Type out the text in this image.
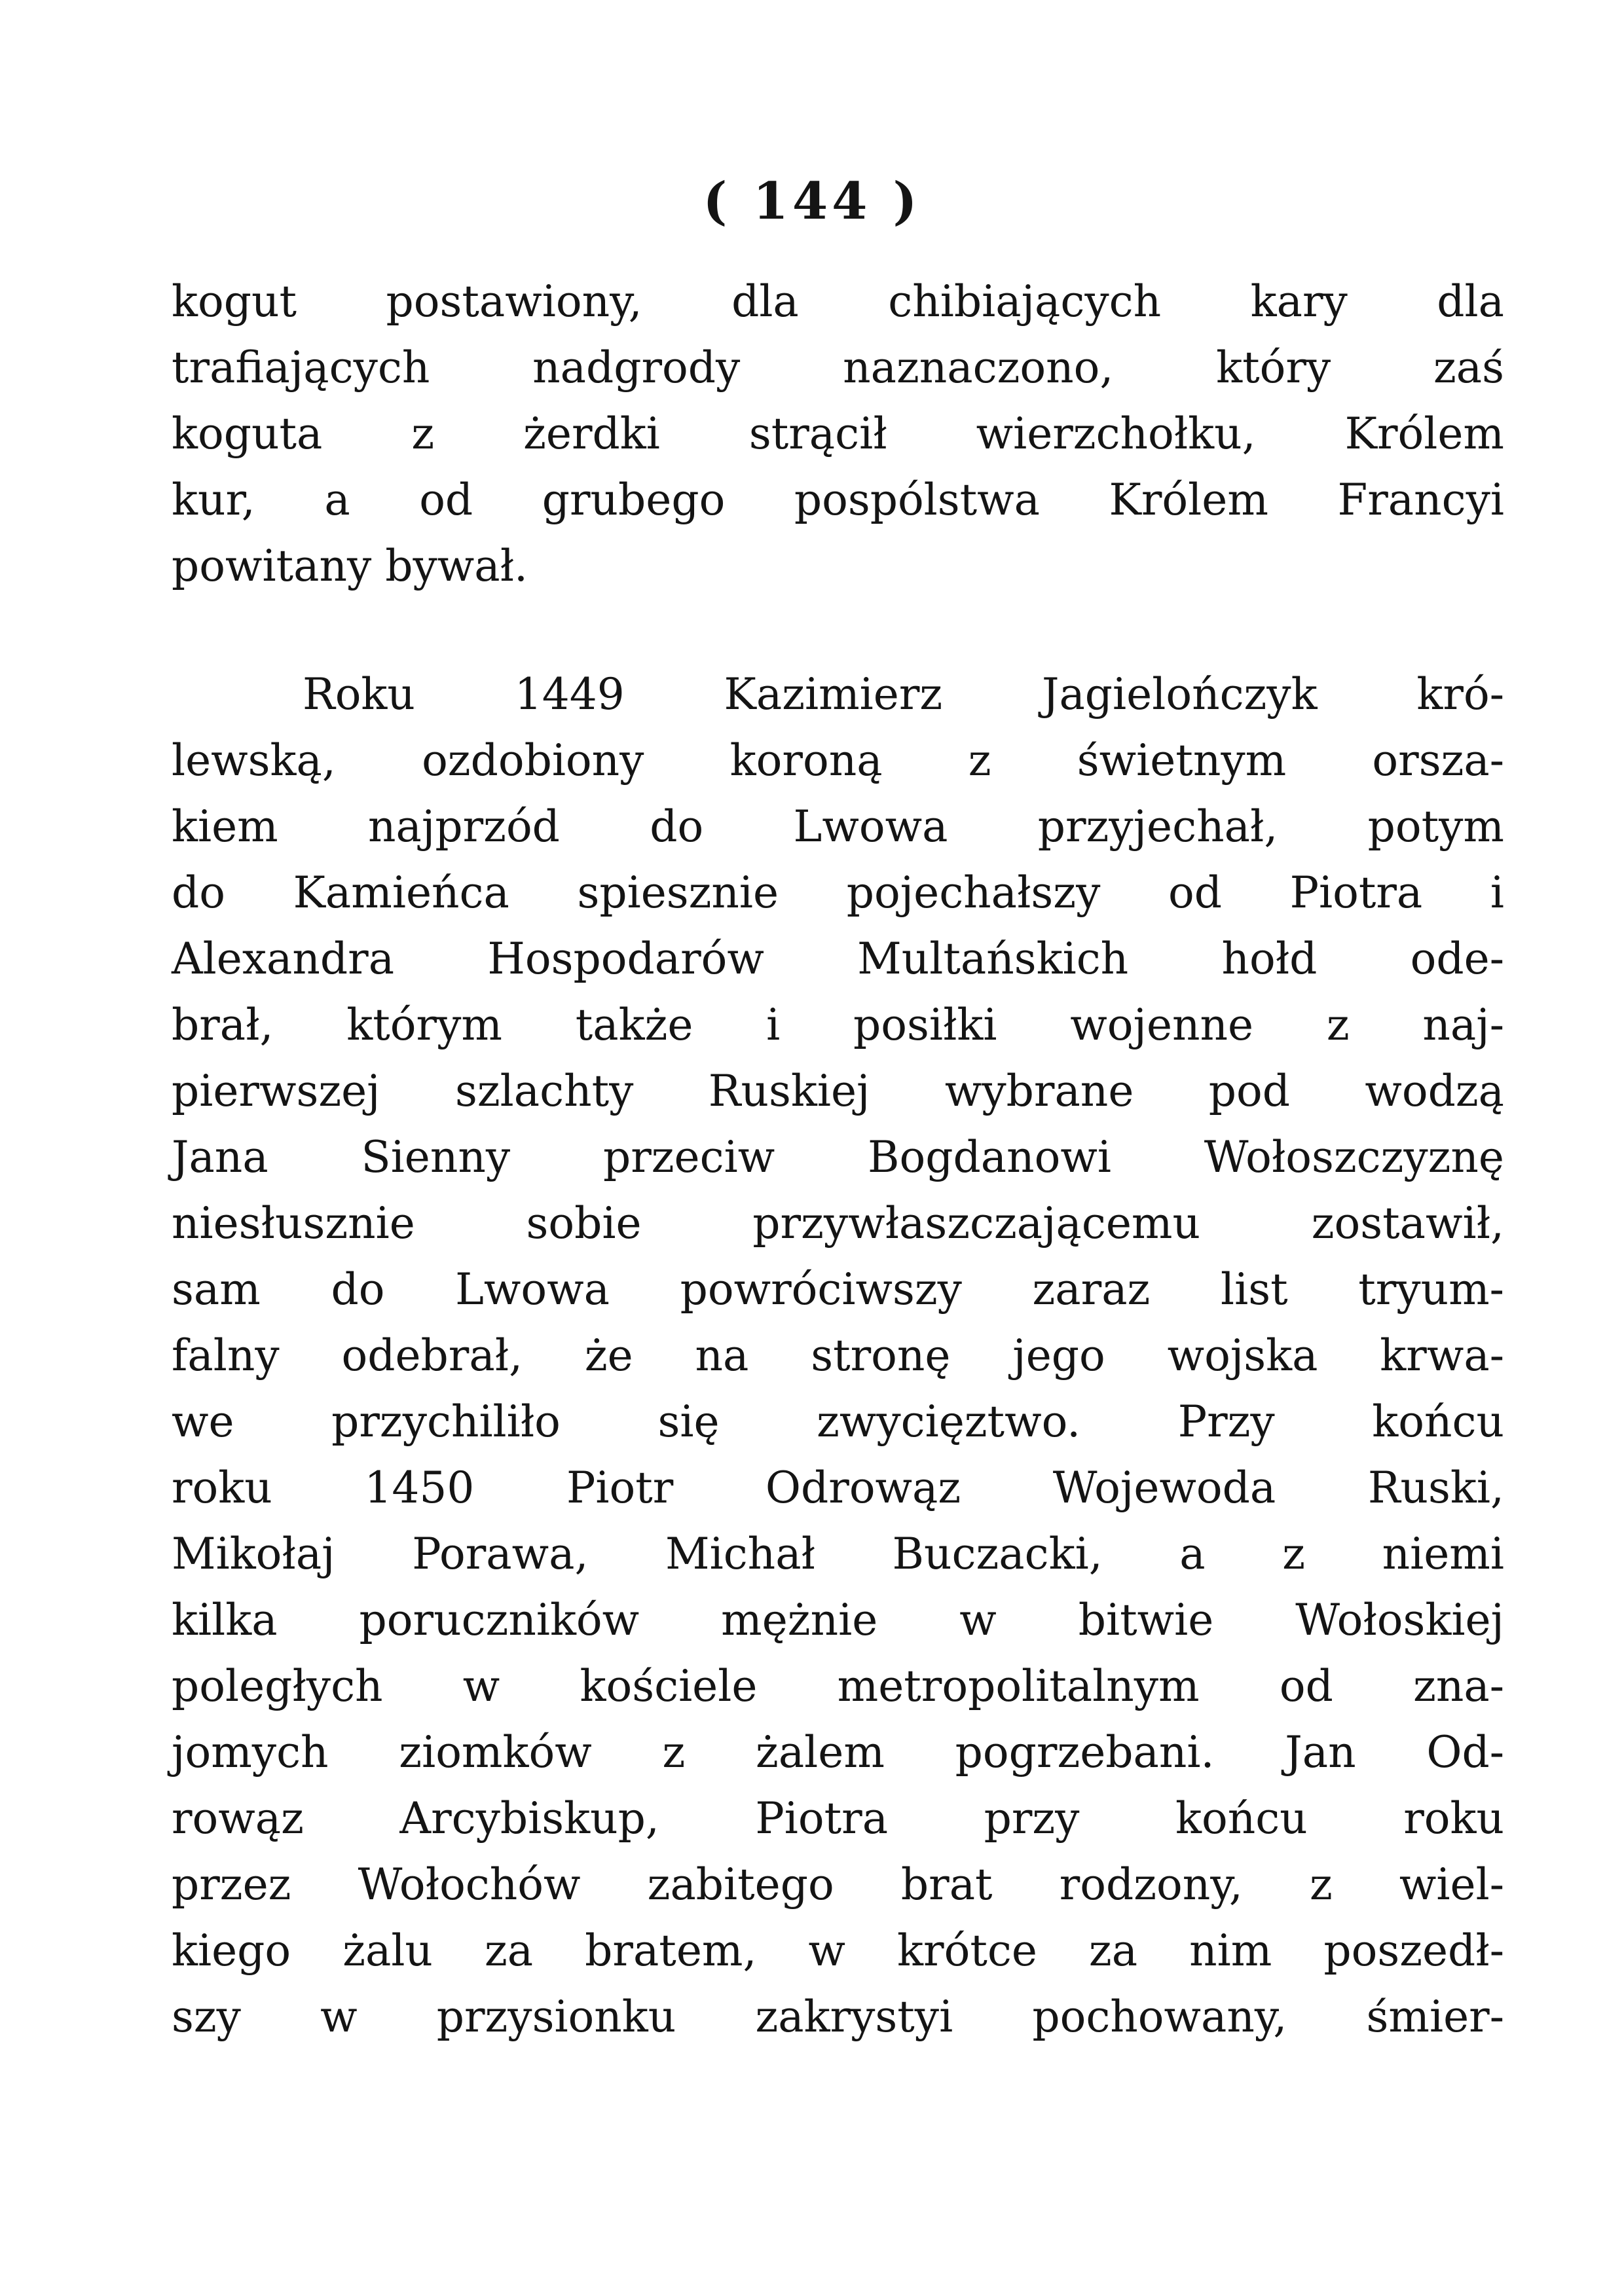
( 144 )
kogut postawiony, dla chibiających kary dla
trafiających nadgrody naznaczono, który zaś
koguta z żerdki strącił wierzchołku, Królem
kur, a od grubego pospólstwa Królem Francyi
powitany bywał.
Roku 1449 Kazimierz Jagielończyk kró-
lewską, ozdobiony koroną z świetnym orsza-
kiem najprzód do Lwowa przyjechał, potym
do Kamieńca spiesznie pojechałszy od Piotra i
Alexandra Hospodarów Multańskich hołd ode-
brał, którym także i posiłki wojenne z naj-
pierwszej szlachty Ruskiej wybrane pod wodzą
Jana Sienny przeciw Bogdanowi Wołoszczyznę
niesłusznie sobie przywłaszczającemu zostawił,
sam do Lwowa powróciwszy zaraz list tryum-
falny odebrał, że na stronę jego wojska krwa-
we przychiliło się zwycięztwo. Przy końcu
roku 1450 Piotr Odrowąz Wojewoda Ruski,
Mikołaj Porawa, Michał Buczacki, a z niemi
kilka poruczników mężnie w bitwie Wołoskiej
poległych w kościele metropolitalnym od zna-
jomych ziomków z żalem pogrzebani. Jan Od-
rowąz Arcybiskup, Piotra przy końcu roku
przez Wołochów zabitego brat rodzony, z wiel-
kiego żalu za bratem, w krótce za nim poszedł-
szy w przysionku zakrystyi pochowany, śmier-
